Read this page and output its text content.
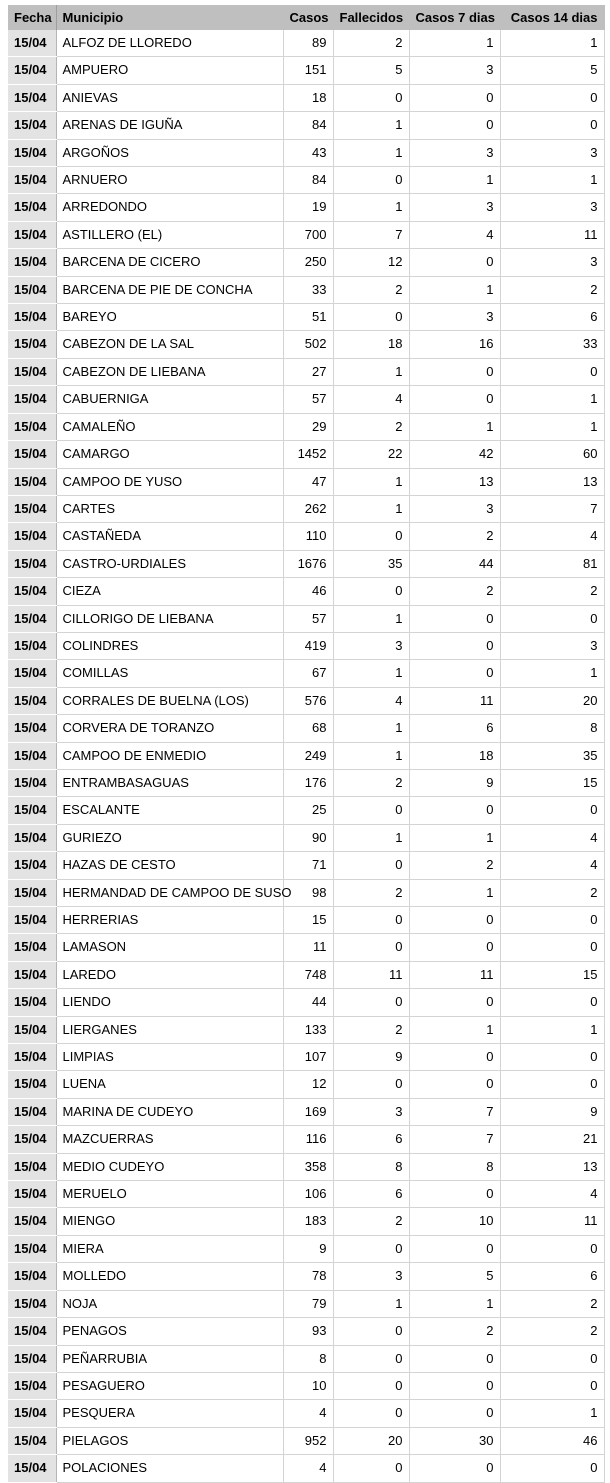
Fecha	Municipio	Casos	Fallecidos	Casos 7 dias	Casos 14 dias
15/04	ALFOZ DE LLOREDO	89	2	1	1
15/04	AMPUERO	151	5	3	5
15/04	ANIEVAS	18	0	0	0
15/04	ARENAS DE IGUÑA	84	1	0	0
15/04	ARGOÑOS	43	1	3	3
15/04	ARNUERO	84	0	1	1
15/04	ARREDONDO	19	1	3	3
15/04	ASTILLERO (EL)	700	7	4	11
15/04	BARCENA DE CICERO	250	12	0	3
15/04	BARCENA DE PIE DE CONCHA	33	2	1	2
15/04	BAREYO	51	0	3	6
15/04	CABEZON DE LA SAL	502	18	16	33
15/04	CABEZON DE LIEBANA	27	1	0	0
15/04	CABUERNIGA	57	4	0	1
15/04	CAMALEÑO	29	2	1	1
15/04	CAMARGO	1452	22	42	60
15/04	CAMPOO DE YUSO	47	1	13	13
15/04	CARTES	262	1	3	7
15/04	CASTAÑEDA	110	0	2	4
15/04	CASTRO-URDIALES	1676	35	44	81
15/04	CIEZA	46	0	2	2
15/04	CILLORIGO DE LIEBANA	57	1	0	0
15/04	COLINDRES	419	3	0	3
15/04	COMILLAS	67	1	0	1
15/04	CORRALES DE BUELNA (LOS)	576	4	11	20
15/04	CORVERA DE TORANZO	68	1	6	8
15/04	CAMPOO DE ENMEDIO	249	1	18	35
15/04	ENTRAMBASAGUAS	176	2	9	15
15/04	ESCALANTE	25	0	0	0
15/04	GURIEZO	90	1	1	4
15/04	HAZAS DE CESTO	71	0	2	4
15/04	HERMANDAD DE CAMPOO DE SUSO	98	2	1	2
15/04	HERRERIAS	15	0	0	0
15/04	LAMASON	11	0	0	0
15/04	LAREDO	748	11	11	15
15/04	LIENDO	44	0	0	0
15/04	LIERGANES	133	2	1	1
15/04	LIMPIAS	107	9	0	0
15/04	LUENA	12	0	0	0
15/04	MARINA DE CUDEYO	169	3	7	9
15/04	MAZCUERRAS	116	6	7	21
15/04	MEDIO CUDEYO	358	8	8	13
15/04	MERUELO	106	6	0	4
15/04	MIENGO	183	2	10	11
15/04	MIERA	9	0	0	0
15/04	MOLLEDO	78	3	5	6
15/04	NOJA	79	1	1	2
15/04	PENAGOS	93	0	2	2
15/04	PEÑARRUBIA	8	0	0	0
15/04	PESAGUERO	10	0	0	0
15/04	PESQUERA	4	0	0	1
15/04	PIELAGOS	952	20	30	46
15/04	POLACIONES	4	0	0	0
